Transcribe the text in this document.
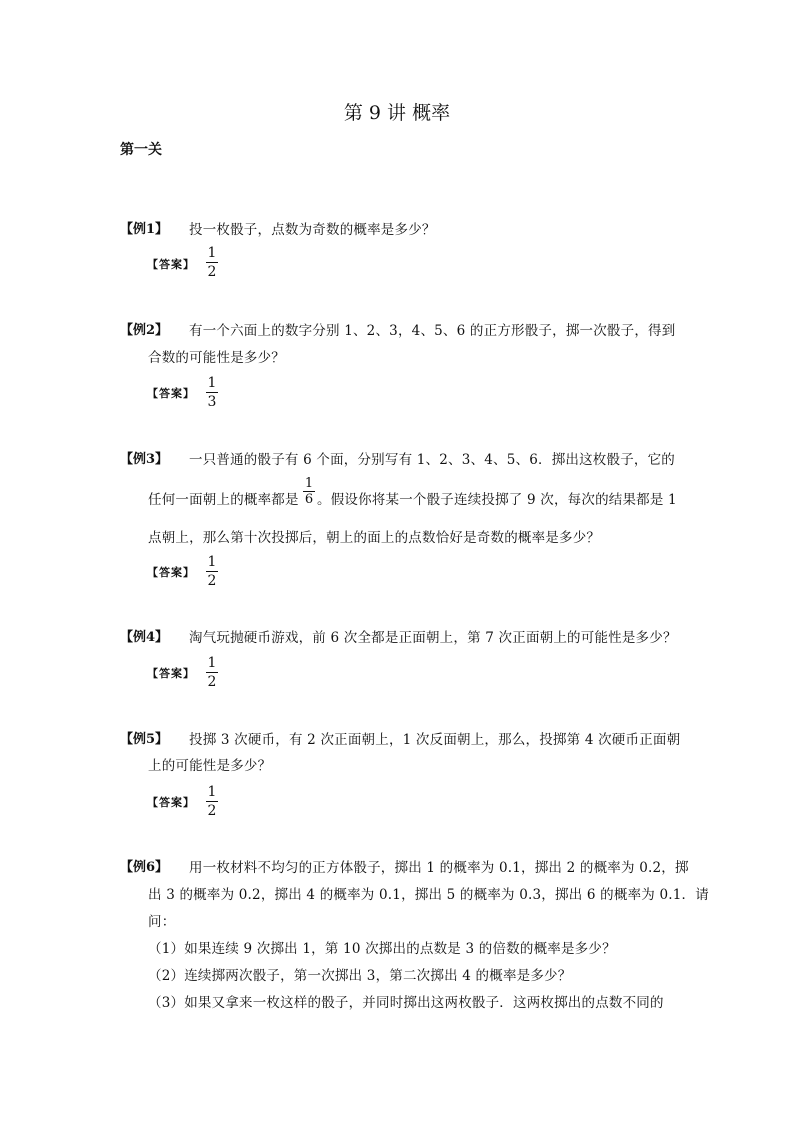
第 9 讲 概率
第一关
【例1】 投一枚骰子，点数为奇数的概率是多少？
【答案】
1
2
【例2】 有一个六面上的数字分别 1、2、3，4、5、6 的正方形骰子，掷一次骰子，得到
合数的可能性是多少？
【答案】
1
3
【例3】 一只普通的骰子有 6 个面，分别写有 1、2、3、4、5、6．掷出这枚骰子，它的
任何一面朝上的概率都是
1
6 。假设你将某一个骰子连续投掷了 9 次，每次的结果都是 1
点朝上，那么第十次投掷后，朝上的面上的点数恰好是奇数的概率是多少？
【答案】
1
2
【例4】 淘气玩抛硬币游戏，前 6 次全都是正面朝上，第 7 次正面朝上的可能性是多少？
【答案】
1
2
【例5】 投掷 3 次硬币，有 2 次正面朝上，1 次反面朝上，那么，投掷第 4 次硬币正面朝
上的可能性是多少？
【答案】
1
2
【例6】 用一枚材料不均匀的正方体骰子，掷出 1 的概率为 0.1，掷出 2 的概率为 0.2，掷
出 3 的概率为 0.2，掷出 4 的概率为 0.1，掷出 5 的概率为 0.3，掷出 6 的概率为 0.1．请
问：
（1）如果连续 9 次掷出 1，第 10 次掷出的点数是 3 的倍数的概率是多少？
（2）连续掷两次骰子，第一次掷出 3，第二次掷出 4 的概率是多少？
（3）如果又拿来一枚这样的骰子，并同时掷出这两枚骰子．这两枚掷出的点数不同的
